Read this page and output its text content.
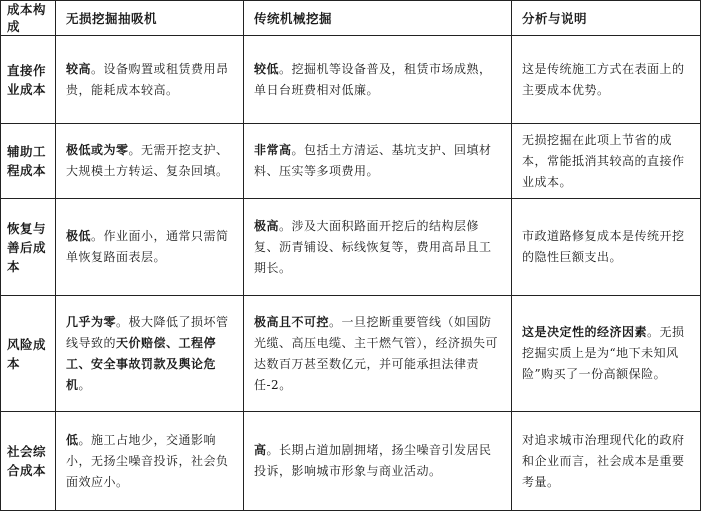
成本构成	无损挖掘抽吸机	传统机械挖掘	分析与说明
直接作业成本	较高。设备购置或租赁费用昂贵，能耗成本较高。	较低。挖掘机等设备普及，租赁市场成熟，单日台班费相对低廉。	这是传统施工方式在表面上的主要成本优势。
辅助工程成本	极低或为零。无需开挖支护、大规模土方转运、复杂回填。	非常高。包括土方清运、基坑支护、回填材料、压实等多项费用。	无损挖掘在此项上节省的成本，常能抵消其较高的直接作业成本。
恢复与善后成本	极低。作业面小，通常只需简单恢复路面表层。	极高。涉及大面积路面开挖后的结构层修复、沥青铺设、标线恢复等，费用高昂且工期长。	市政道路修复成本是传统开挖的隐性巨额支出。
风险成本	几乎为零。极大降低了损坏管线导致的天价赔偿、工程停工、安全事故罚款及舆论危机。	极高且不可控。一旦挖断重要管线（如国防光缆、高压电缆、主干燃气管），经济损失可达数百万甚至数亿元，并可能承担法律责任-2。	这是决定性的经济因素。无损挖掘实质上是为“地下未知风险”购买了一份高额保险。
社会综合成本	低。施工占地少，交通影响小，无扬尘噪音投诉，社会负面效应小。	高。长期占道加剧拥堵，扬尘噪音引发居民投诉，影响城市形象与商业活动。	对追求城市治理现代化的政府和企业而言，社会成本是重要考量。
